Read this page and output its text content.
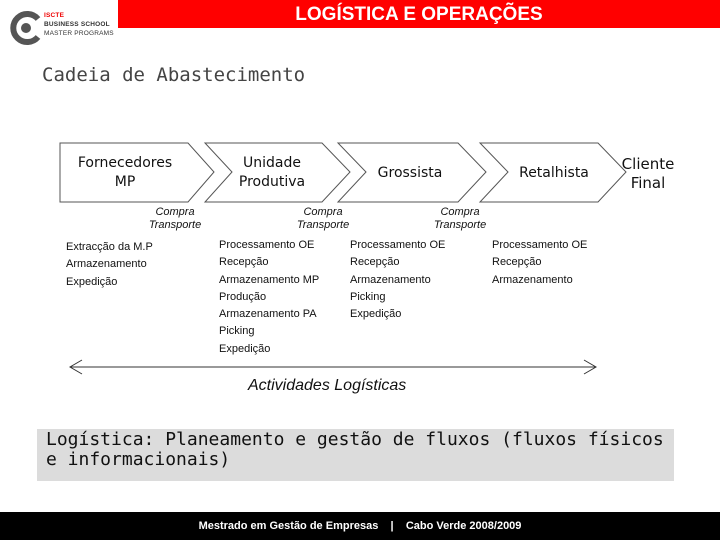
LOGÍSTICA E OPERAÇÕES
ISCTE
BUSINESS SCHOOL
MASTER PROGRAMS
Cadeia de Abastecimento
Fornecedores
MP
Unidade
Produtiva
Grossista	Retalhista	Cliente
Final
Compra
Transporte
Compra
Transporte
Compra
Transporte
Extracção da M.P
Armazenamento
Expedição
Processamento OE
Recepção
Armazenamento MP
Produção
Armazenamento PA
Picking
Expedição
Processamento OE
Recepção
Armazenamento
Picking
Expedição
Processamento OE
Recepção
Armazenamento
Actividades Logísticas
Logística: Planeamento e gestão de fluxos (fluxos físicos e informacionais)
Mestrado em Gestão de Empresas    |    Cabo Verde 2008/2009
